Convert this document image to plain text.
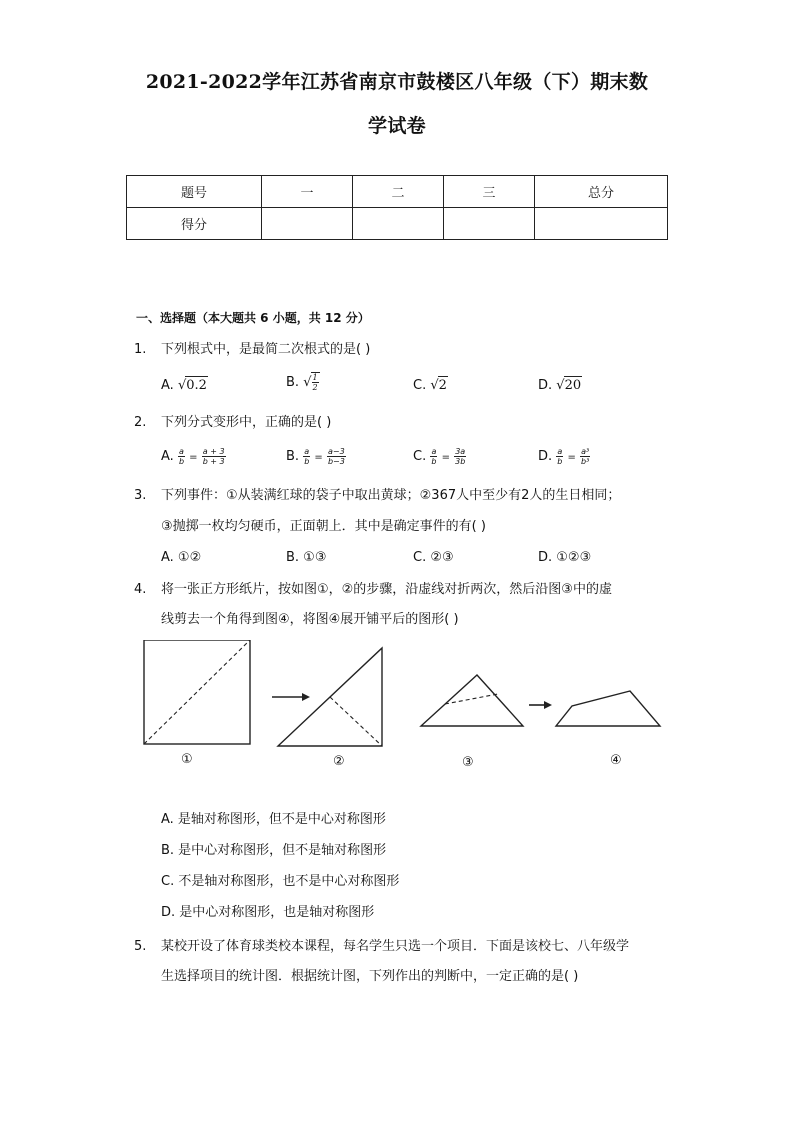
2021-2022学年江苏省南京市鼓楼区八年级（下）期末数
学试卷
题号	一	二	三	总分
得分				
一、选择题（本大题共 6 小题，共 12 分）
1.	下列根式中，是最简二次根式的是( )
A. √0.2	B. √ $\frac{1}{2}$	C. √2	D. √20
2.	下列分式变形中，正确的是( )
A. $\frac{a}{b} = \frac{a + 3}{b + 3}$	B. $\frac{a}{b} = \frac{a-3}{b-3}$	C. $\frac{a}{b} = \frac{3a}{3b}$	D. $\frac{a}{b} = \frac{\text{a³}}{\text{b³}}$
3.	下列事件：①从装满红球的袋子中取出黄球；②367人中至少有2人的生日相同；
③抛掷一枚均匀硬币，正面朝上．其中是确定事件的有( )
A. ①②	B. ①③	C. ②③	D. ①②③
4.	将一张正方形纸片，按如图①，②的步骤，沿虚线对折两次，然后沿图③中的虚
线剪去一个角得到图④，将图④展开铺平后的图形( )
①	②	③	④
A. 是轴对称图形，但不是中心对称图形
B. 是中心对称图形，但不是轴对称图形
C. 不是轴对称图形，也不是中心对称图形
D. 是中心对称图形，也是轴对称图形
5.	某校开设了体育球类校本课程，每名学生只选一个项目．下面是该校七、八年级学
生选择项目的统计图．根据统计图，下列作出的判断中，一定正确的是( )
